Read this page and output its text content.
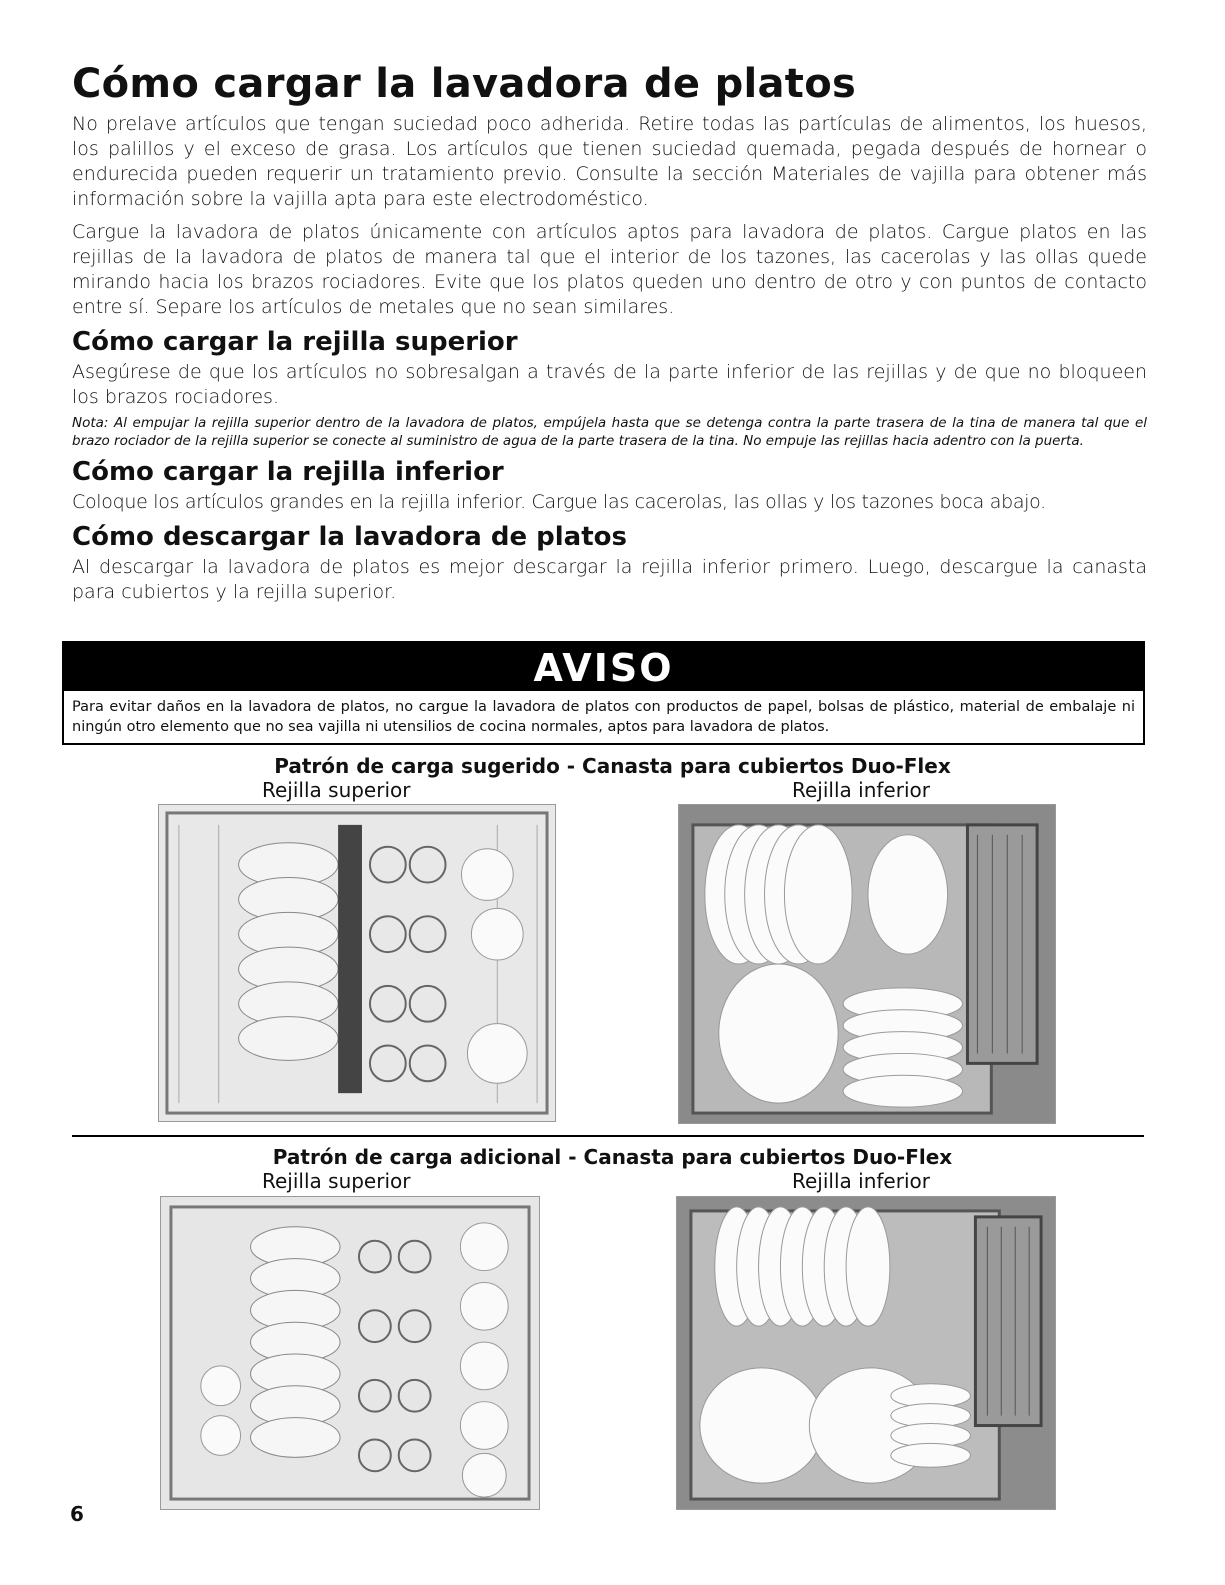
Cómo cargar la lavadora de platos

No prelave artículos que tengan suciedad poco adherida. Retire todas las partículas de alimentos, los huesos, los palillos y el exceso de grasa. Los artículos que tienen suciedad quemada, pegada después de hornear o endurecida pueden requerir un tratamiento previo. Consulte la sección Materiales de vajilla para obtener más información sobre la vajilla apta para este electrodoméstico.

Cargue la lavadora de platos únicamente con artículos aptos para lavadora de platos. Cargue platos en las rejillas de la lavadora de platos de manera tal que el interior de los tazones, las cacerolas y las ollas quede mirando hacia los brazos rociadores. Evite que los platos queden uno dentro de otro y con puntos de contacto entre sí. Separe los artículos de metales que no sean similares.

Cómo cargar la rejilla superior

Asegúrese de que los artículos no sobresalgan a través de la parte inferior de las rejillas y de que no bloqueen los brazos rociadores.

Nota: Al empujar la rejilla superior dentro de la lavadora de platos, empújela hasta que se detenga contra la parte trasera de la tina de manera tal que el brazo rociador de la rejilla superior se conecte al suministro de agua de la parte trasera de la tina. No empuje las rejillas hacia adentro con la puerta.

Cómo cargar la rejilla inferior

Coloque los artículos grandes en la rejilla inferior. Cargue las cacerolas, las ollas y los tazones boca abajo.

Cómo descargar la lavadora de platos

Al descargar la lavadora de platos es mejor descargar la rejilla inferior primero. Luego, descargue la canasta para cubiertos y la rejilla superior.

AVISO
Para evitar daños en la lavadora de platos, no cargue la lavadora de platos con productos de papel, bolsas de plástico, material de embalaje ni ningún otro elemento que no sea vajilla ni utensilios de cocina normales, aptos para lavadora de platos.
Patrón de carga sugerido - Canasta para cubiertos Duo-Flex
Rejilla superior	Rejilla inferior
Patrón de carga adicional - Canasta para cubiertos Duo-Flex
Rejilla superior	Rejilla inferior
6
